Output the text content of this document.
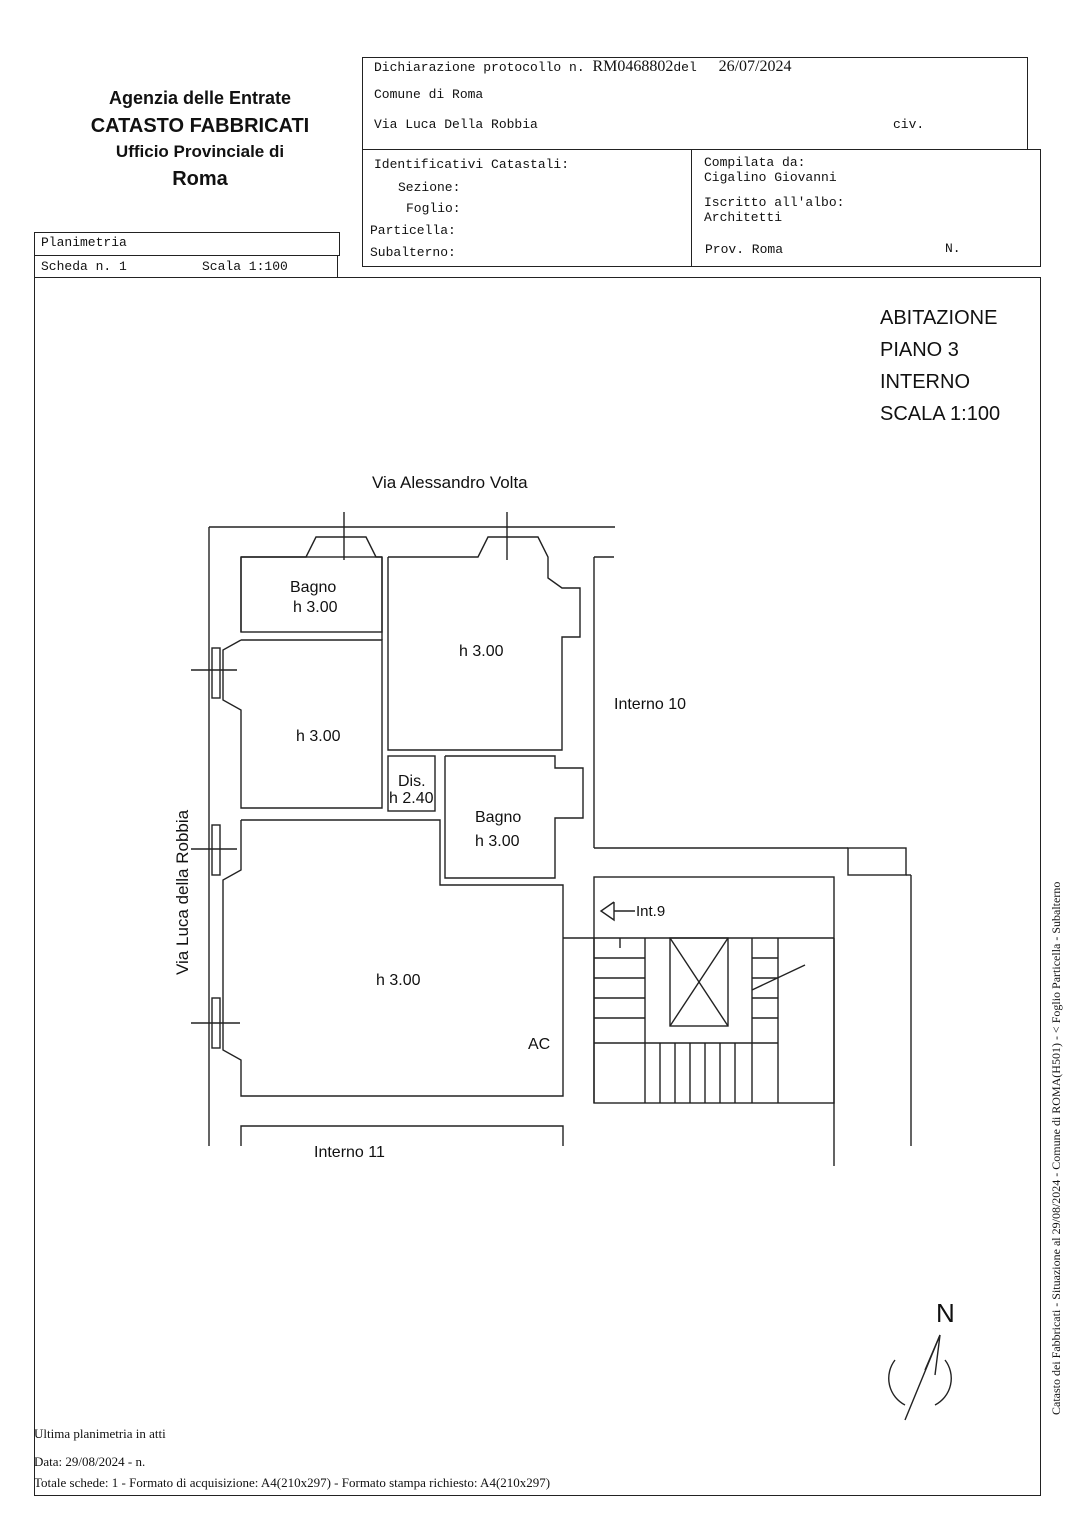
Agenzia delle Entrate
CATASTO FABBRICATI
Ufficio Provinciale di
Roma
Dichiarazione protocollo n. RM0468802del 26/07/2024
Comune di Roma
Via Luca Della Robbia	civ.
Identificativi Catastali:
Sezione:
Foglio:
Particella:
Subalterno:
Compilata da:
Cigalino Giovanni
Iscritto all'albo:
Architetti
Prov. Roma	N.
Planimetria
Scheda n. 1	Scala 1:100
ABITAZIONE
PIANO 3
INTERNO
SCALA 1:100
Via Alessandro Volta
Via Luca della Robbia
Bagno
h 3.00
h 3.00
h 3.00
Dis.
h 2.40
Bagno
h 3.00
h 3.00
AC
Interno 10
Interno 11
Int.9
N	Catasto dei Fabbricati - Situazione al 29/08/2024 - Comune di ROMA(H501) - < Foglio Particella - Subalterno
Ultima planimetria in atti
Data: 29/08/2024 - n.
Totale schede: 1 - Formato di acquisizione: A4(210x297) - Formato stampa richiesto: A4(210x297)
